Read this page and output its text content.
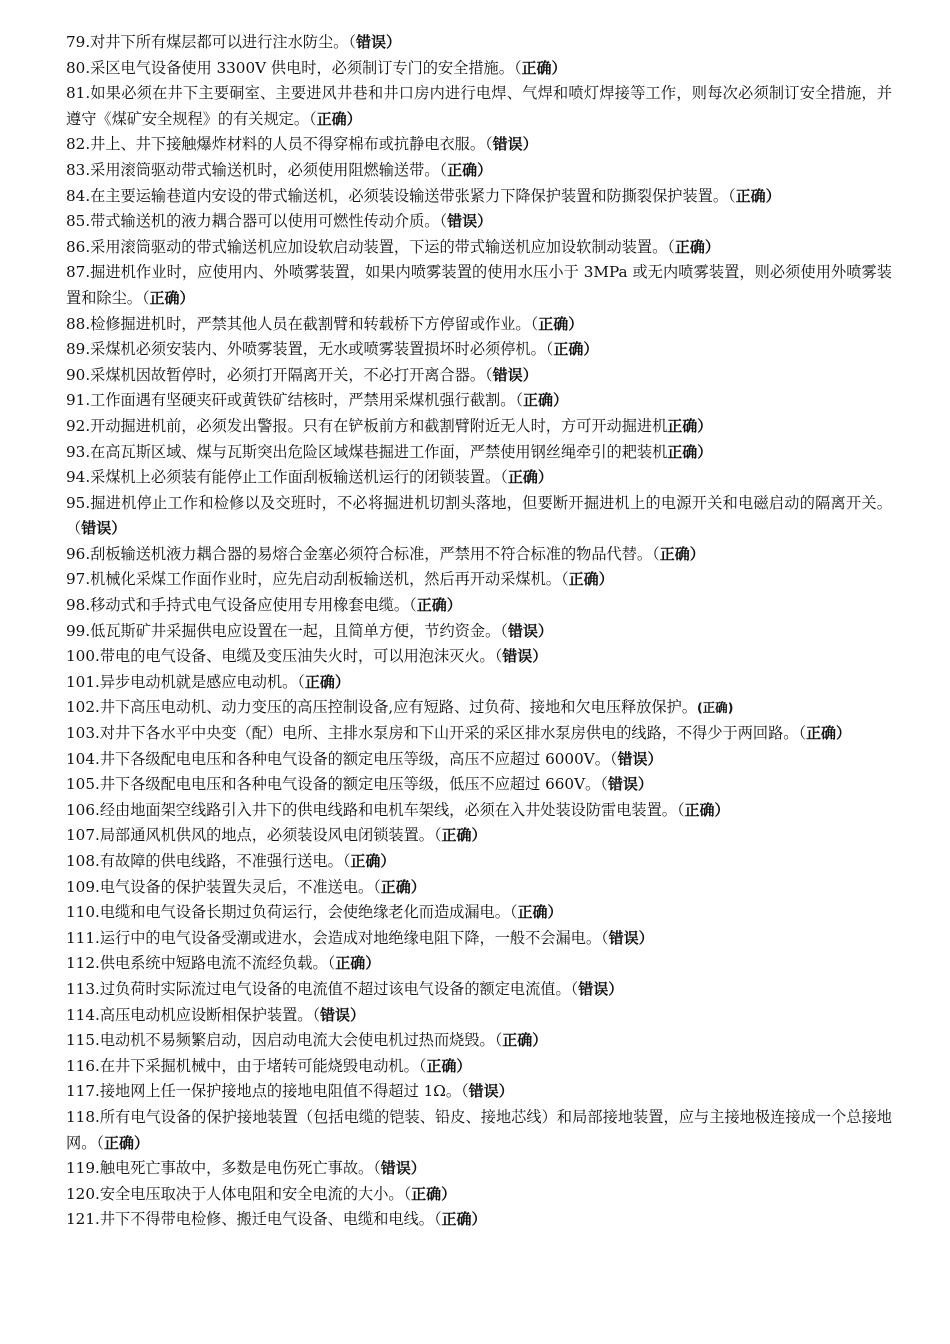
79.对井下所有煤层都可以进行注水防尘。（错误）

80.采区电气设备使用 3300V 供电时，必须制订专门的安全措施。（正确）

81.如果必须在井下主要硐室、主要进风井巷和井口房内进行电焊、气焊和喷灯焊接等工作，则每次必须制订安全措施，并遵守《煤矿安全规程》的有关规定。（正确）

82.井上、井下接触爆炸材料的人员不得穿棉布或抗静电衣服。（错误）

83.采用滚筒驱动带式输送机时，必须使用阻燃输送带。（正确）

84.在主要运输巷道内安设的带式输送机，必须装设输送带张紧力下降保护装置和防撕裂保护装置。（正确）

85.带式输送机的液力耦合器可以使用可燃性传动介质。（错误）

86.采用滚筒驱动的带式输送机应加设软启动装置，下运的带式输送机应加设软制动装置。（正确）

87.掘进机作业时，应使用内、外喷雾装置，如果内喷雾装置的使用水压小于 3MPa 或无内喷雾装置，则必须使用外喷雾装置和除尘。（正确）

88.检修掘进机时，严禁其他人员在截割臂和转载桥下方停留或作业。（正确）

89.采煤机必须安装内、外喷雾装置，无水或喷雾装置损坏时必须停机。（正确）

90.采煤机因故暂停时，必须打开隔离开关，不必打开离合器。（错误）

91.工作面遇有坚硬夹矸或黄铁矿结核时，严禁用采煤机强行截割。（正确）

92.开动掘进机前，必须发出警报。只有在铲板前方和截割臂附近无人时，方可开动掘进机正确）

93.在高瓦斯区域、煤与瓦斯突出危险区域煤巷掘进工作面，严禁使用钢丝绳牵引的耙装机正确）

94.采煤机上必须装有能停止工作面刮板输送机运行的闭锁装置。（正确）

95.掘进机停止工作和检修以及交班时，不必将掘进机切割头落地，但要断开掘进机上的电源开关和电磁启动的隔离开关。（错误）

96.刮板输送机液力耦合器的易熔合金塞必须符合标准，严禁用不符合标准的物品代替。（正确）

97.机械化采煤工作面作业时，应先启动刮板输送机，然后再开动采煤机。（正确）

98.移动式和手持式电气设备应使用专用橡套电缆。（正确）

99.低瓦斯矿井采掘供电应设置在一起，且简单方便，节约资金。（错误）

100.带电的电气设备、电缆及变压油失火时，可以用泡沫灭火。（错误）

101.异步电动机就是感应电动机。（正确）

102.井下高压电动机、动力变压的高压控制设备,应有短路、过负荷、接地和欠电压释放保护。(正确)

103.对井下各水平中央变（配）电所、主排水泵房和下山开采的采区排水泵房供电的线路，不得少于两回路。（正确）

104.井下各级配电电压和各种电气设备的额定电压等级，高压不应超过 6000V。（错误）

105.井下各级配电电压和各种电气设备的额定电压等级，低压不应超过 660V。（错误）

106.经由地面架空线路引入井下的供电线路和电机车架线，必须在入井处装设防雷电装置。（正确）

107.局部通风机供风的地点，必须装设风电闭锁装置。（正确）

108.有故障的供电线路，不准强行送电。（正确）

109.电气设备的保护装置失灵后，不准送电。（正确）

110.电缆和电气设备长期过负荷运行，会使绝缘老化而造成漏电。（正确）

111.运行中的电气设备受潮或进水，会造成对地绝缘电阻下降，一般不会漏电。（错误）

112.供电系统中短路电流不流经负载。（正确）

113.过负荷时实际流过电气设备的电流值不超过该电气设备的额定电流值。（错误）

114.高压电动机应设断相保护装置。（错误）

115.电动机不易频繁启动，因启动电流大会使电机过热而烧毁。（正确）

116.在井下采掘机械中，由于堵转可能烧毁电动机。（正确）

117.接地网上任一保护接地点的接地电阻值不得超过 1Ω。（错误）

118.所有电气设备的保护接地装置（包括电缆的铠装、铅皮、接地芯线）和局部接地装置，应与主接地极连接成一个总接地网。（正确）

119.触电死亡事故中，多数是电伤死亡事故。（错误）

120.安全电压取决于人体电阻和安全电流的大小。（正确）

121.井下不得带电检修、搬迁电气设备、电缆和电线。（正确）
